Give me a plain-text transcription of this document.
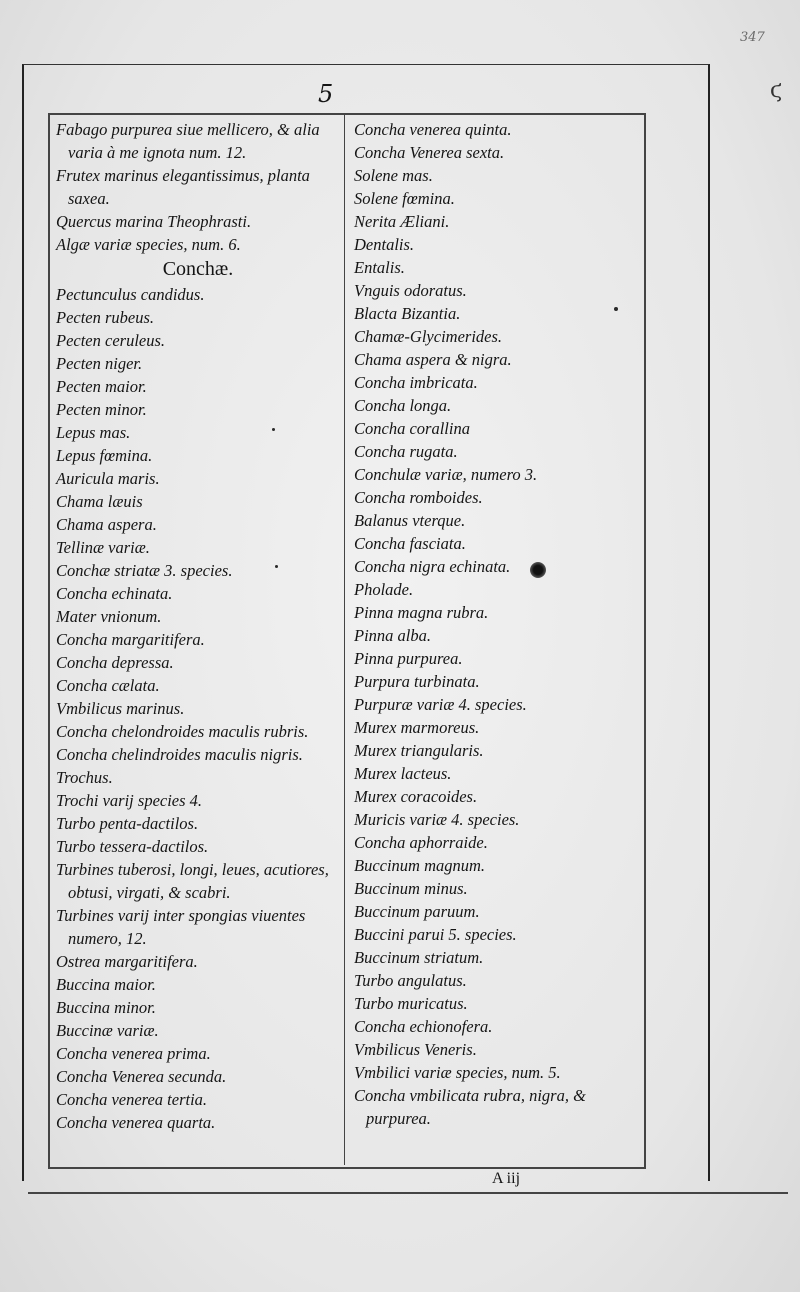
347
5	ϛ
Fabago purpurea siue mellicero, & alia
varia à me ignota num. 12.
Frutex marinus elegantissimus, planta
saxea.
Quercus marina Theophrasti.
Algæ variæ species, num. 6.
Conchæ.
Pectunculus candidus.
Pecten rubeus.
Pecten ceruleus.
Pecten niger.
Pecten maior.
Pecten minor.
Lepus mas.
Lepus fœmina.
Auricula maris.
Chama læuis
Chama aspera.
Tellinæ variæ.
Conchæ striatæ 3. species.
Concha echinata.
Mater vnionum.
Concha margaritifera.
Concha depressa.
Concha cælata.
Vmbilicus marinus.
Concha chelondroides maculis rubris.
Concha chelindroides maculis nigris.
Trochus.
Trochi varij species 4.
Turbo penta-dactilos.
Turbo tessera-dactilos.
Turbines tuberosi, longi, leues, acutiores,
obtusi, virgati, & scabri.
Turbines varij inter spongias viuentes
numero, 12.
Ostrea margaritifera.
Buccina maior.
Buccina minor.
Buccinæ variæ.
Concha venerea prima.
Concha Venerea secunda.
Concha venerea tertia.
Concha venerea quarta.
Concha venerea quinta.
Concha Venerea sexta.
Solene mas.
Solene fœmina.
Nerita Æliani.
Dentalis.
Entalis.
Vnguis odoratus.
Blacta Bizantia.
Chamæ-Glycimerides.
Chama aspera & nigra.
Concha imbricata.
Concha longa.
Concha corallina
Concha rugata.
Conchulæ variæ, numero 3.
Concha romboides.
Balanus vterque.
Concha fasciata.
Concha nigra echinata.
Pholade.
Pinna magna rubra.
Pinna alba.
Pinna purpurea.
Purpura turbinata.
Purpuræ variæ 4. species.
Murex marmoreus.
Murex triangularis.
Murex lacteus.
Murex coracoides.
Muricis variæ 4. species.
Concha aphorraide.
Buccinum magnum.
Buccinum minus.
Buccinum paruum.
Buccini parui 5. species.
Buccinum striatum.
Turbo angulatus.
Turbo muricatus.
Concha echionofera.
Vmbilicus Veneris.
Vmbilici variæ species, num. 5.
Concha vmbilicata rubra, nigra, &
purpurea.
A iij
